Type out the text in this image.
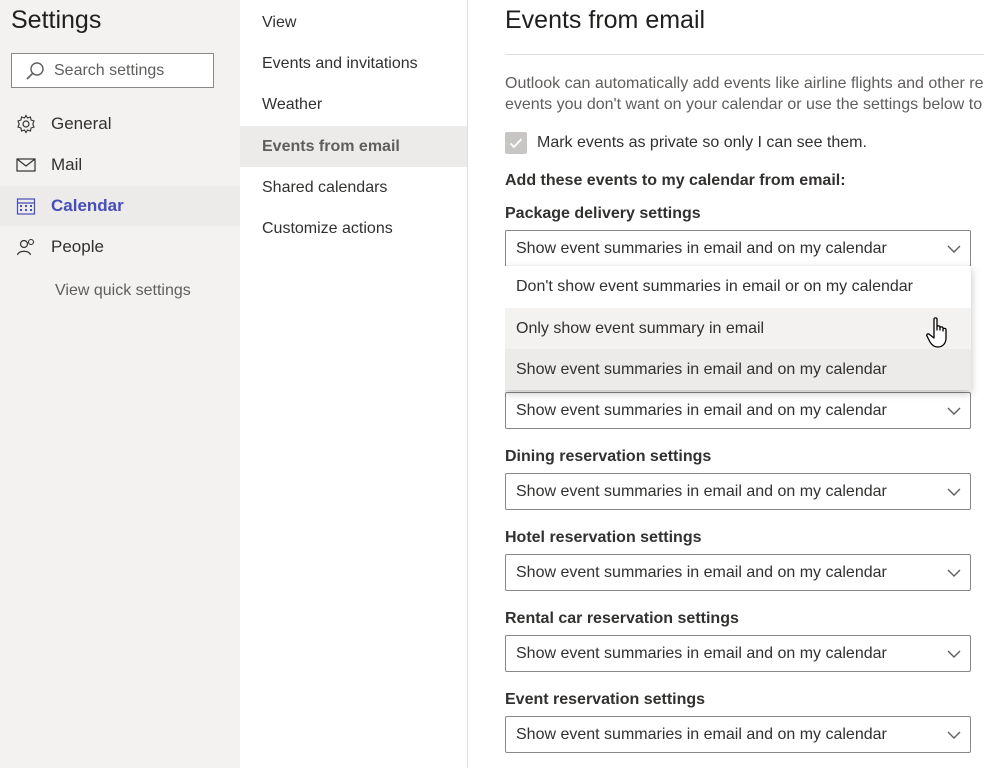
Settings
Search settings
General
Mail
Calendar
People
View quick settings
View
Events and invitations
Weather
Events from email
Shared calendars
Customize actions
Events from email
Outlook can automatically add events like airline flights and other re
events you don't want on your calendar or use the settings below to
Mark events as private so only I can see them.
Add these events to my calendar from email:
Package delivery settings
Show event summaries in email and on my calendar
Show event summaries in email and on my calendar
Dining reservation settings
Show event summaries in email and on my calendar
Hotel reservation settings
Show event summaries in email and on my calendar
Rental car reservation settings
Show event summaries in email and on my calendar
Event reservation settings
Show event summaries in email and on my calendar
Don't show event summaries in email or on my calendar
Only show event summary in email
Show event summaries in email and on my calendar
